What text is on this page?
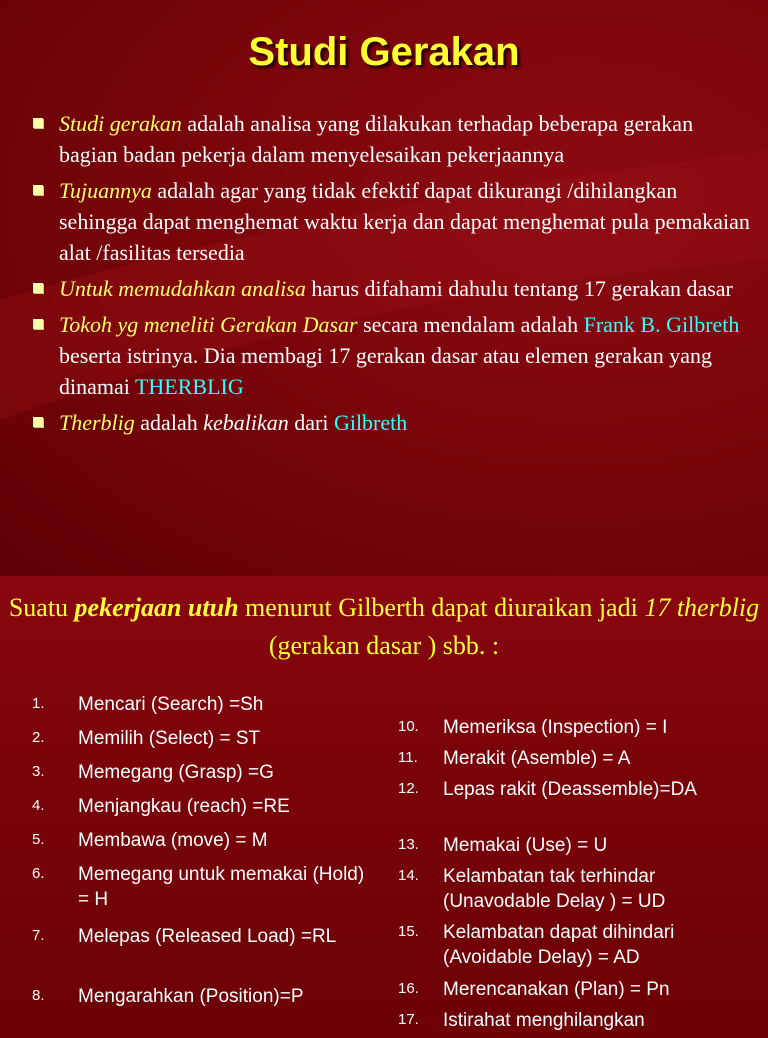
Studi Gerakan
Studi gerakan adalah analisa yang dilakukan terhadap beberapa gerakan bagian badan pekerja dalam menyelesaikan pekerjaannya
Tujuannya adalah agar yang tidak efektif dapat dikurangi /dihilangkan sehingga dapat menghemat waktu kerja dan dapat menghemat pula pemakaian alat /fasilitas tersedia
Untuk memudahkan analisa harus difahami dahulu tentang 17 gerakan dasar
Tokoh yg meneliti Gerakan Dasar secara mendalam adalah Frank B. Gilbreth beserta istrinya. Dia membagi 17 gerakan dasar atau elemen gerakan yang dinamai THERBLIG
Therblig adalah kebalikan dari Gilbreth

Suatu pekerjaan utuh menurut Gilberth dapat diuraikan jadi 17 therblig (gerakan dasar ) sbb. :

1.	Mencari (Search) =Sh
2.	Memilih (Select) = ST
3.	Memegang (Grasp) =G
4.	Menjangkau (reach) =RE
5.	Membawa (move) = M
6.	Memegang untuk memakai (Hold) = H
7.	Melepas (Released Load) =RL
8.	Mengarahkan (Position)=P
10.	Memeriksa (Inspection) = I
11.	Merakit (Asemble) = A
12.	Lepas rakit (Deassemble)=DA
13.	Memakai (Use) = U
14.	Kelambatan tak terhindar (Unavodable Delay ) = UD
15.	Kelambatan dapat dihindari (Avoidable Delay) = AD
16.	Merencanakan (Plan) = Pn
17.	Istirahat menghilangkan
